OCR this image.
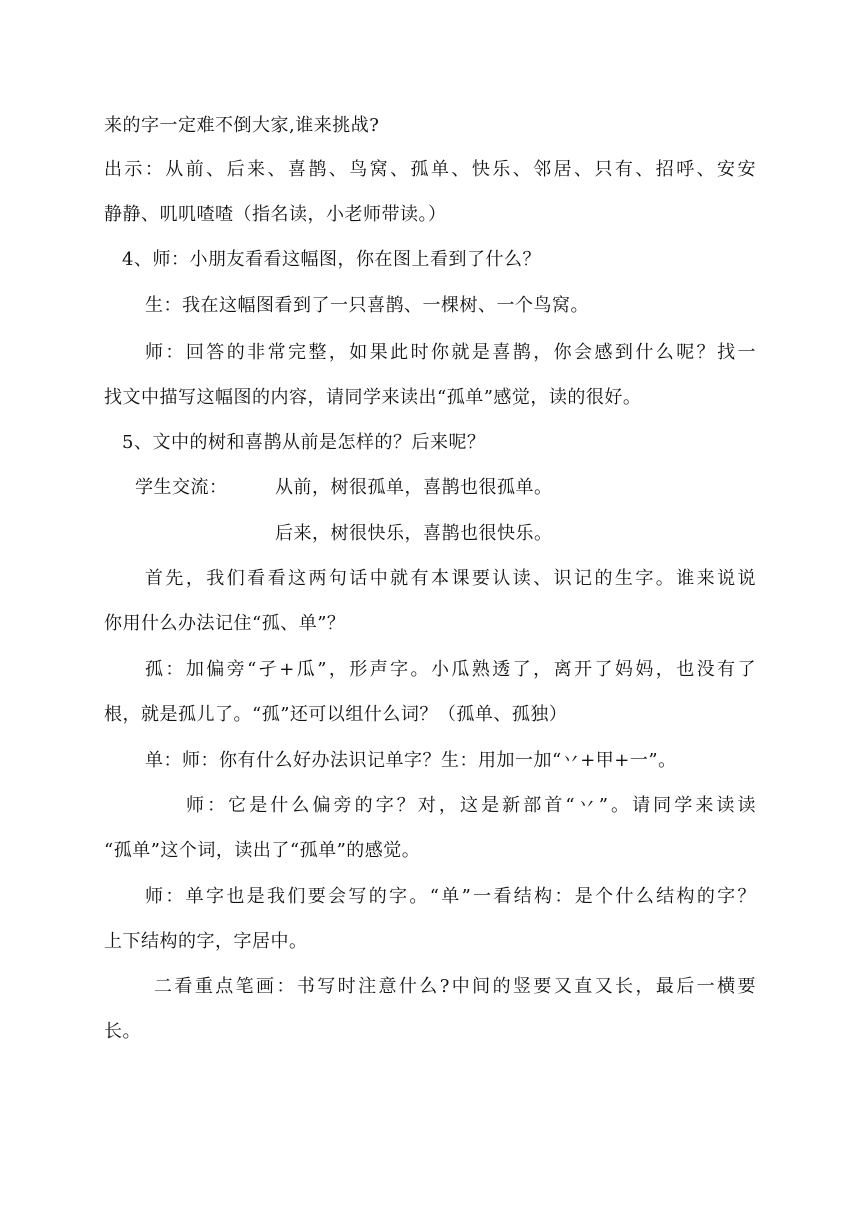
来的字一定难不倒大家,谁来挑战?
出示：从前、后来、喜鹊、鸟窝、孤单、快乐、邻居、只有、招呼、安安
静静、叽叽喳喳（指名读，小老师带读。）
4、师：小朋友看看这幅图，你在图上看到了什么？
生：我在这幅图看到了一只喜鹊、一棵树、一个鸟窝。
师：回答的非常完整，如果此时你就是喜鹊，你会感到什么呢？找一
找文中描写这幅图的内容，请同学来读出“孤单”感觉，读的很好。
5、文中的树和喜鹊从前是怎样的？后来呢？
学生交流：	从前，树很孤单，喜鹊也很孤单。
后来，树很快乐，喜鹊也很快乐。
首先，我们看看这两句话中就有本课要认读、识记的生字。谁来说说
你用什么办法记住“孤、单”？
孤：加偏旁“孑+瓜”，形声字。小瓜熟透了，离开了妈妈，也没有了
根，就是孤儿了。“孤”还可以组什么词？（孤单、孤独）
单：师：你有什么好办法识记单字？生：用加一加“丷+甲+一”。
师：它是什么偏旁的字？对，这是新部首“丷”。请同学来读读
“孤单”这个词，读出了“孤单”的感觉。
师：单字也是我们要会写的字。“单”一看结构：是个什么结构的字？
上下结构的字，字居中。
二看重点笔画：书写时注意什么?中间的竖要又直又长，最后一横要
长。
